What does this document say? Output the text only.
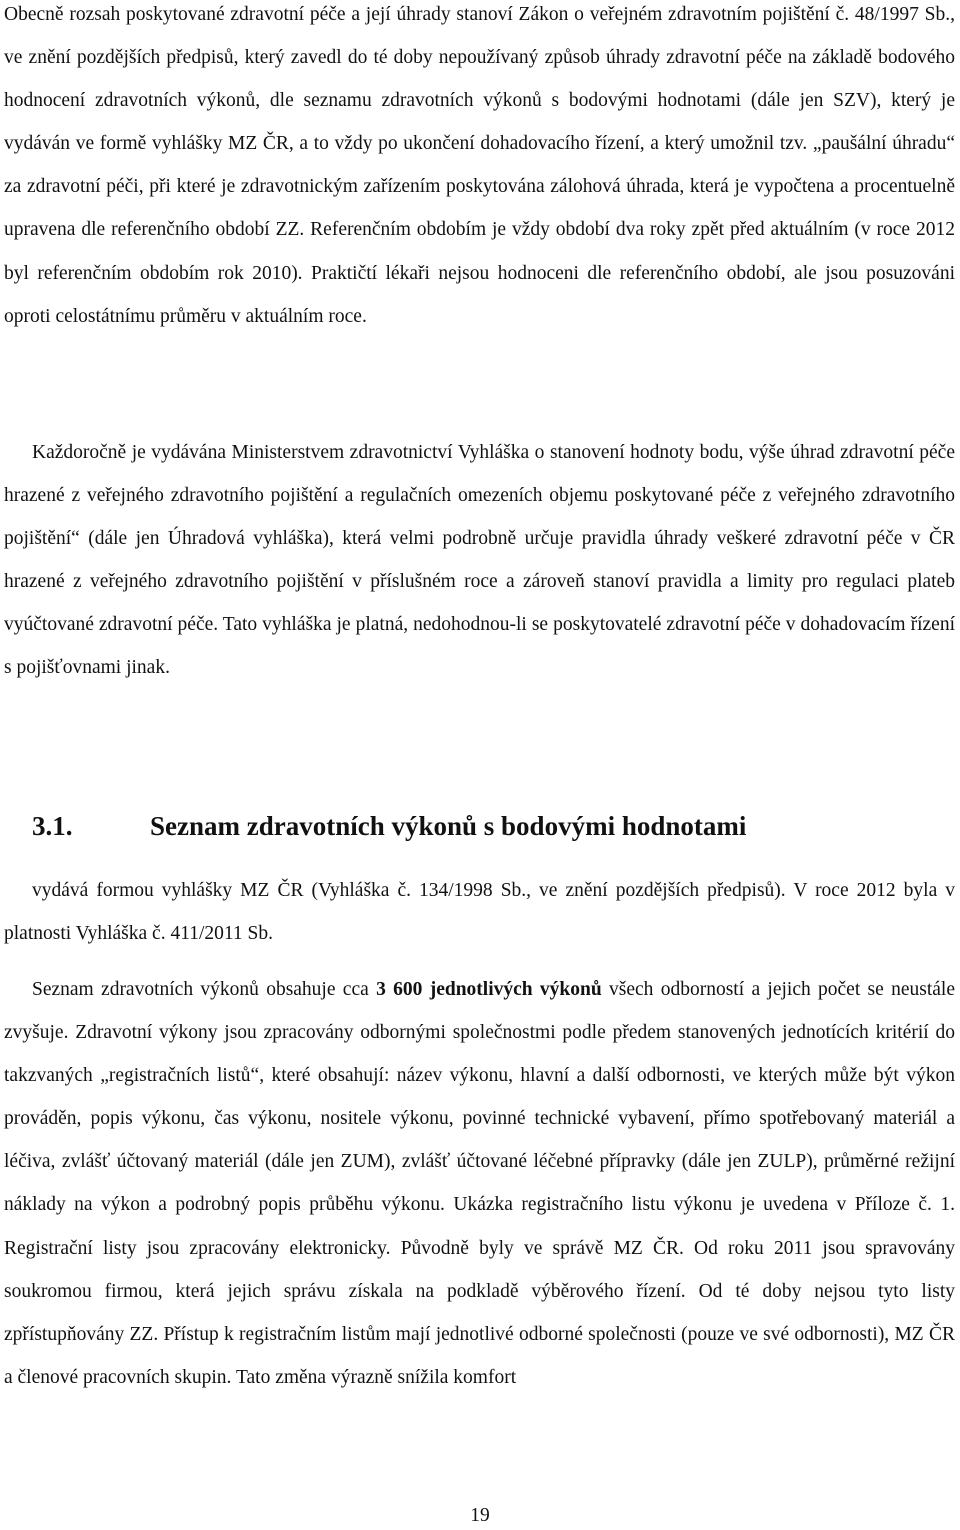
Obecně rozsah poskytované zdravotní péče a její úhrady stanoví Zákon o veřejném zdravotním pojištění č. 48/1997 Sb., ve znění pozdějších předpisů, který zavedl do té doby nepoužívaný způsob úhrady zdravotní péče na základě bodového hodnocení zdravotních výkonů, dle seznamu zdravotních výkonů s bodovými hodnotami (dále jen SZV), který je vydáván ve formě vyhlášky MZ ČR, a to vždy po ukončení dohadovacího řízení, a který umožnil tzv. „paušální úhradu“ za zdravotní péči, při které je zdravotnickým zařízením poskytována zálohová úhrada, která je vypočtena a procentuelně upravena dle referenčního období ZZ. Referenčním obdobím je vždy období dva roky zpět před aktuálním (v roce 2012 byl referenčním obdobím rok 2010). Praktičtí lékaři nejsou hodnoceni dle referenčního období, ale jsou posuzováni oproti celostátnímu průměru v aktuálním roce.

Každoročně je vydávána Ministerstvem zdravotnictví Vyhláška o stanovení hodnoty bodu, výše úhrad zdravotní péče hrazené z veřejného zdravotního pojištění a regulačních omezeních objemu poskytované péče z veřejného zdravotního pojištění“ (dále jen Úhradová vyhláška), která velmi podrobně určuje pravidla úhrady veškeré zdravotní péče v ČR hrazené z veřejného zdravotního pojištění v příslušném roce a zároveň stanoví pravidla a limity pro regulaci plateb vyúčtované zdravotní péče. Tato vyhláška je platná, nedohodnou-li se poskytovatelé zdravotní péče v dohadovacím řízení s pojišťovnami jinak.

3.1.	Seznam zdravotních výkonů s bodovými hodnotami

vydává formou vyhlášky MZ ČR (Vyhláška č. 134/1998 Sb., ve znění pozdějších předpisů). V roce 2012 byla v platnosti Vyhláška č. 411/2011 Sb.

Seznam zdravotních výkonů obsahuje cca 3 600 jednotlivých výkonů všech odborností a jejich počet se neustále zvyšuje. Zdravotní výkony jsou zpracovány odbornými společnostmi podle předem stanovených jednotících kritérií do takzvaných „registračních listů“, které obsahují: název výkonu, hlavní a další odbornosti, ve kterých může být výkon prováděn, popis výkonu, čas výkonu, nositele výkonu, povinné technické vybavení, přímo spotřebovaný materiál a léčiva, zvlášť účtovaný materiál (dále jen ZUM), zvlášť účtované léčebné přípravky (dále jen ZULP), průměrné režijní náklady na výkon a podrobný popis průběhu výkonu. Ukázka registračního listu výkonu je uvedena v Příloze č. 1. Registrační listy jsou zpracovány elektronicky. Původně byly ve správě MZ ČR. Od roku 2011 jsou spravovány soukromou firmou, která jejich správu získala na podkladě výběrového řízení. Od té doby nejsou tyto listy zpřístupňovány ZZ. Přístup k registračním listům mají jednotlivé odborné společnosti (pouze ve své odbornosti), MZ ČR a členové pracovních skupin. Tato změna výrazně snížila komfort

19
